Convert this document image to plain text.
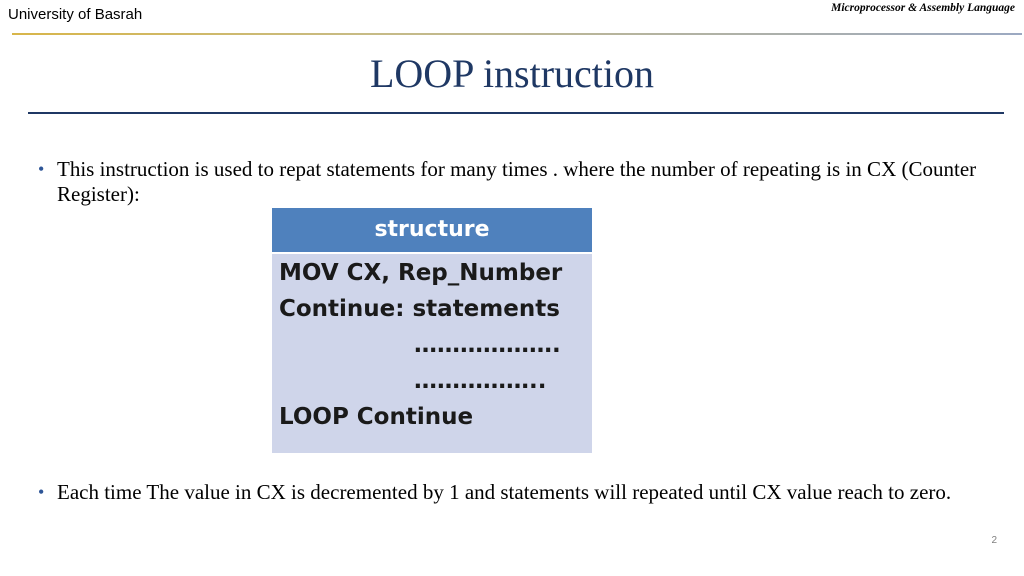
University of Basrah	Microprocessor & Assembly Language
LOOP instruction
• This instruction is used to repat statements for many times . where the number of repeating is in CX (Counter Register):
structure
MOV CX, Rep_Number
Continue: statements
……………….
……………..
LOOP Continue
• Each time The value in CX is decremented by 1 and statements will repeated until CX value reach to zero.
2
